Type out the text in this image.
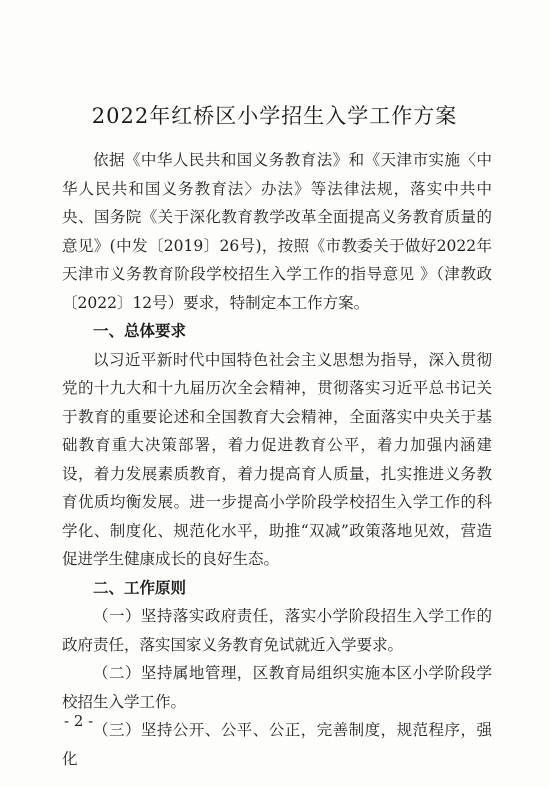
2022年红桥区小学招生入学工作方案

依据《中华人民共和国义务教育法》和《天津市实施〈中华人民共和国义务教育法〉办法》等法律法规，落实中共中央、国务院《关于深化教育教学改革全面提高义务教育质量的意见》(中发〔2019〕26号)，按照《市教委关于做好2022年天津市义务教育阶段学校招生入学工作的指导意见 》（津教政〔2022〕12号）要求，特制定本工作方案。

一、总体要求

以习近平新时代中国特色社会主义思想为指导，深入贯彻党的十九大和十九届历次全会精神，贯彻落实习近平总书记关于教育的重要论述和全国教育大会精神，全面落实中央关于基础教育重大决策部署，着力促进教育公平，着力加强内涵建设，着力发展素质教育，着力提高育人质量，扎实推进义务教育优质均衡发展。进一步提高小学阶段学校招生入学工作的科学化、制度化、规范化水平，助推“双减”政策落地见效，营造促进学生健康成长的良好生态。

二、工作原则

（一）坚持落实政府责任，落实小学阶段招生入学工作的政府责任，落实国家义务教育免试就近入学要求。

（二）坚持属地管理，区教育局组织实施本区小学阶段学校招生入学工作。

（三）坚持公开、公平、公正，完善制度，规范程序，强化

- 2 -
